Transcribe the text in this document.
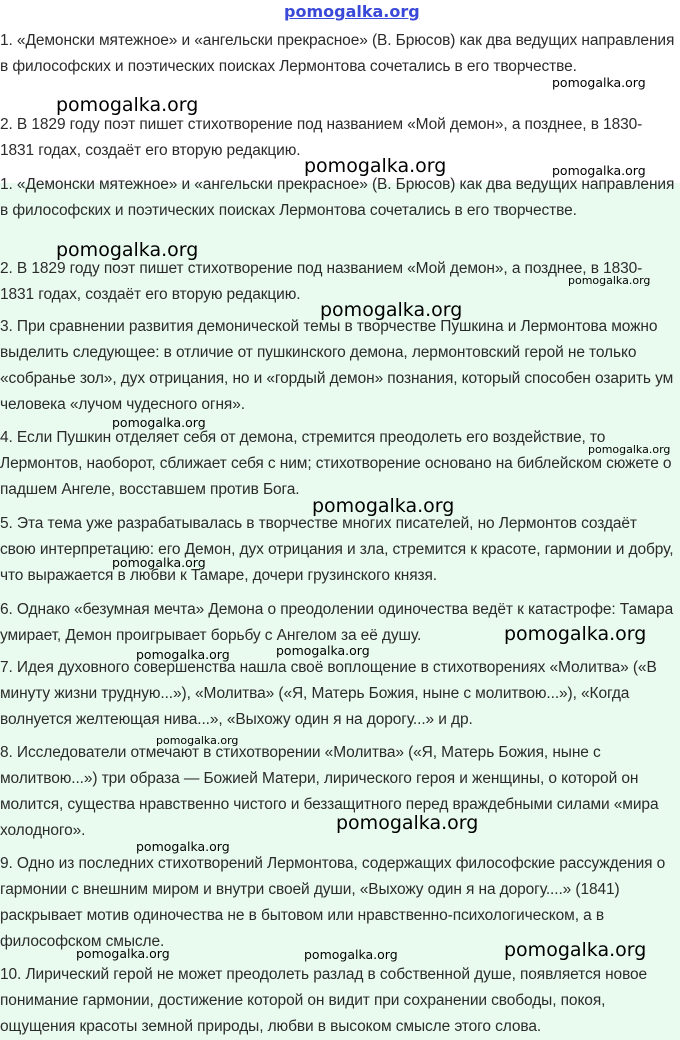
pomogalka.org

1. «Демонски мятежное» и «ангельски прекрасное» (В. Брюсов) как два ведущих направления в философских и поэтических поисках Лермонтова сочетались в его творчестве.

2. В 1829 году поэт пишет стихотворение под названием «Мой демон», а позднее, в 1830-1831 годах, создаёт его вторую редакцию.

1. «Демонски мятежное» и «ангельски прекрасное» (В. Брюсов) как два ведущих направления в философских и поэтических поисках Лермонтова сочетались в его творчестве.

2. В 1829 году поэт пишет стихотворение под названием «Мой демон», а позднее, в 1830-1831 годах, создаёт его вторую редакцию.

3. При сравнении развития демонической темы в творчестве Пушкина и Лермонтова можно выделить следующее: в отличие от пушкинского демона, лермонтовский герой не только «собранье зол», дух отрицания, но и «гордый демон» познания, который способен озарить ум человека «лучом чудесного огня».

4. Если Пушкин отделяет себя от демона, стремится преодолеть его воздействие, то Лермонтов, наоборот, сближает себя с ним; стихотворение основано на библейском сюжете о падшем Ангеле, восставшем против Бога.

5. Эта тема уже разрабатывалась в творчестве многих писателей, но Лермонтов создаёт свою интерпретацию: его Демон, дух отрицания и зла, стремится к красоте, гармонии и добру, что выражается в любви к Тамаре, дочери грузинского князя.

6. Однако «безумная мечта» Демона о преодолении одиночества ведёт к катастрофе: Тамара умирает, Демон проигрывает борьбу с Ангелом за её душу.

7. Идея духовного совершенства нашла своё воплощение в стихотворениях «Молитва» («В минуту жизни трудную...»), «Молитва» («Я, Матерь Божия, ныне с молитвою...»), «Когда волнуется желтеющая нива...», «Выхожу один я на дорогу...» и др.

8. Исследователи отмечают в стихотворении «Молитва» («Я, Матерь Божия, ныне с молитвою...») три образа — Божией Матери, лирического героя и женщины, о которой он молится, существа нравственно чистого и беззащитного перед враждебными силами «мира холодного».

9. Одно из последних стихотворений Лермонтова, содержащих философские рассуждения о гармонии с внешним миром и внутри своей души, «Выхожу один я на дорогу....» (1841) раскрывает мотив одиночества не в бытовом или нравственно-психологическом, а в философском смысле.

10. Лирический герой не может преодолеть разлад в собственной душе, появляется новое понимание гармонии, достижение которой он видит при сохранении свободы, покоя, ощущения красоты земной природы, любви в высоком смысле этого слова.

pomogalka.org
pomogalka.org
pomogalka.org	pomogalka.org
pomogalka.org
pomogalka.org
pomogalka.org
pomogalka.org
pomogalka.org
pomogalka.org
pomogalka.org
pomogalka.org
pomogalka.org
pomogalka.org
pomogalka.org
pomogalka.org
pomogalka.org
pomogalka.org
pomogalka.org	pomogalka.org
